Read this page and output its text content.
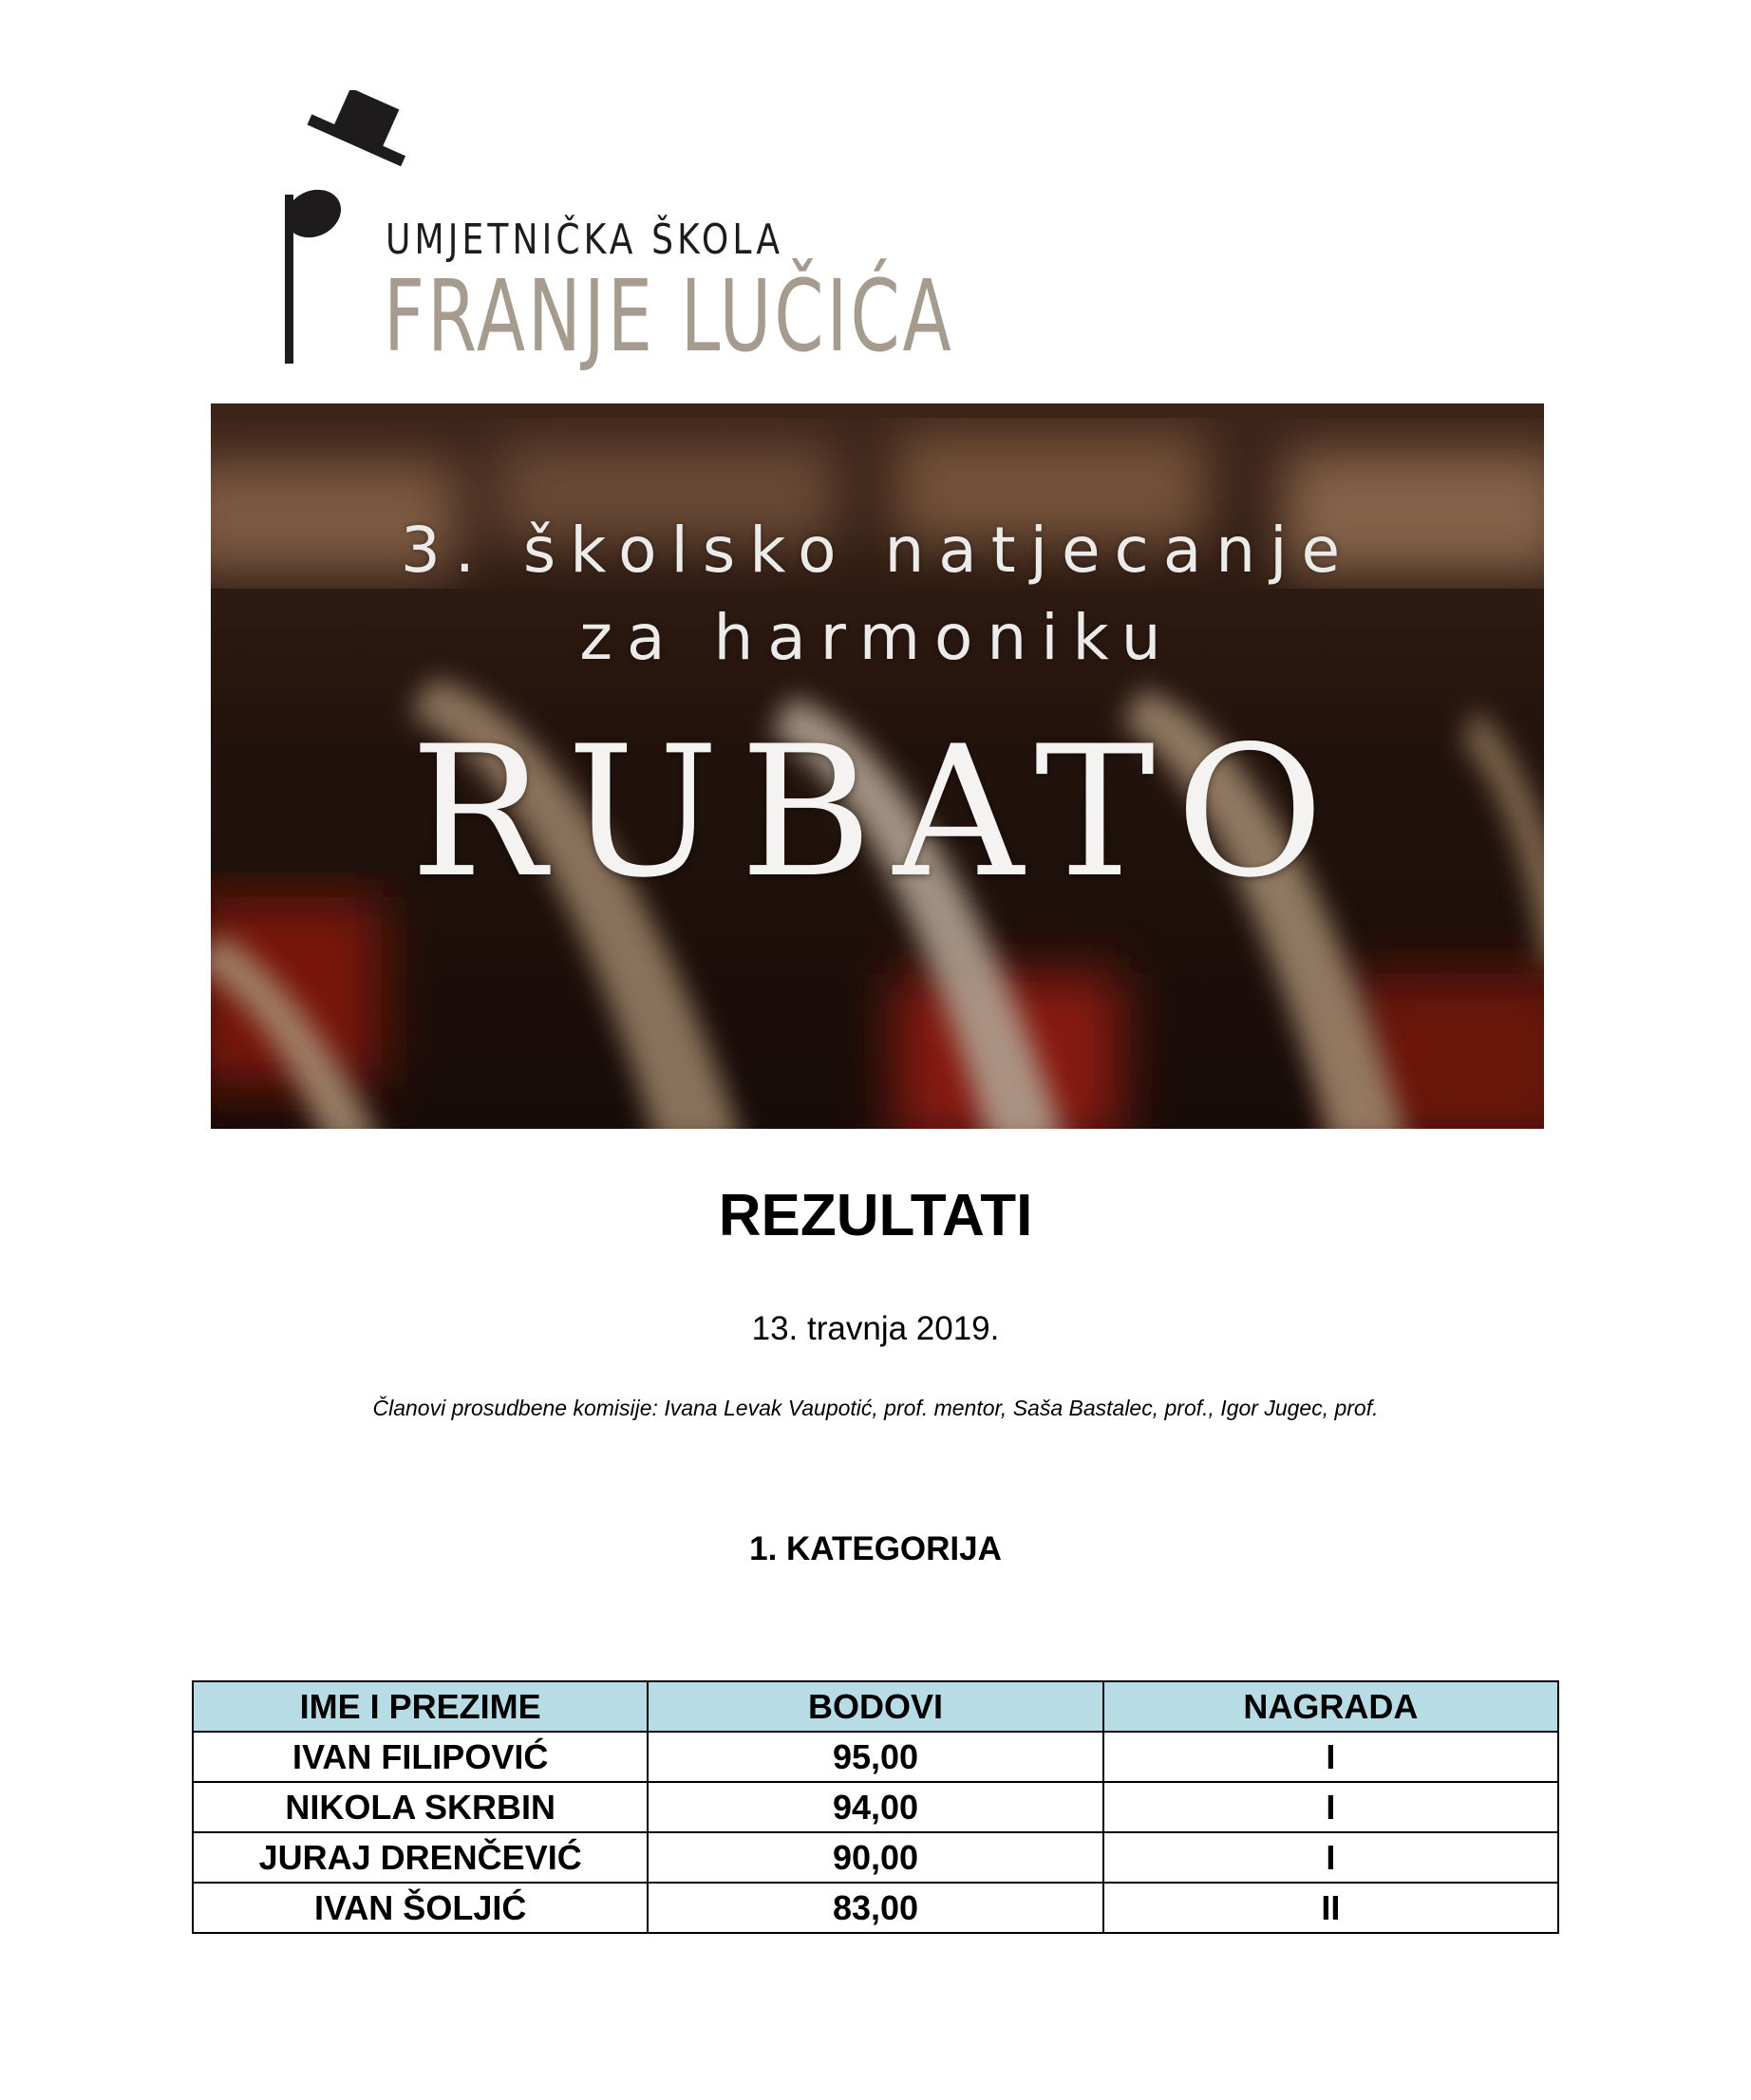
UMJETNIČKA ŠKOLA
FRANJE LUČIĆA
3. školsko natjecanje
za harmoniku
RUBATO
REZULTATI
13. travnja 2019.
Članovi prosudbene komisije: Ivana Levak Vaupotić, prof. mentor, Saša Bastalec, prof., Igor Jugec, prof.
1. KATEGORIJA
IME I PREZIME	BODOVI	NAGRADA
IVAN FILIPOVIĆ	95,00	I
NIKOLA SKRBIN	94,00	I
JURAJ DRENČEVIĆ	90,00	I
IVAN ŠOLJIĆ	83,00	II
